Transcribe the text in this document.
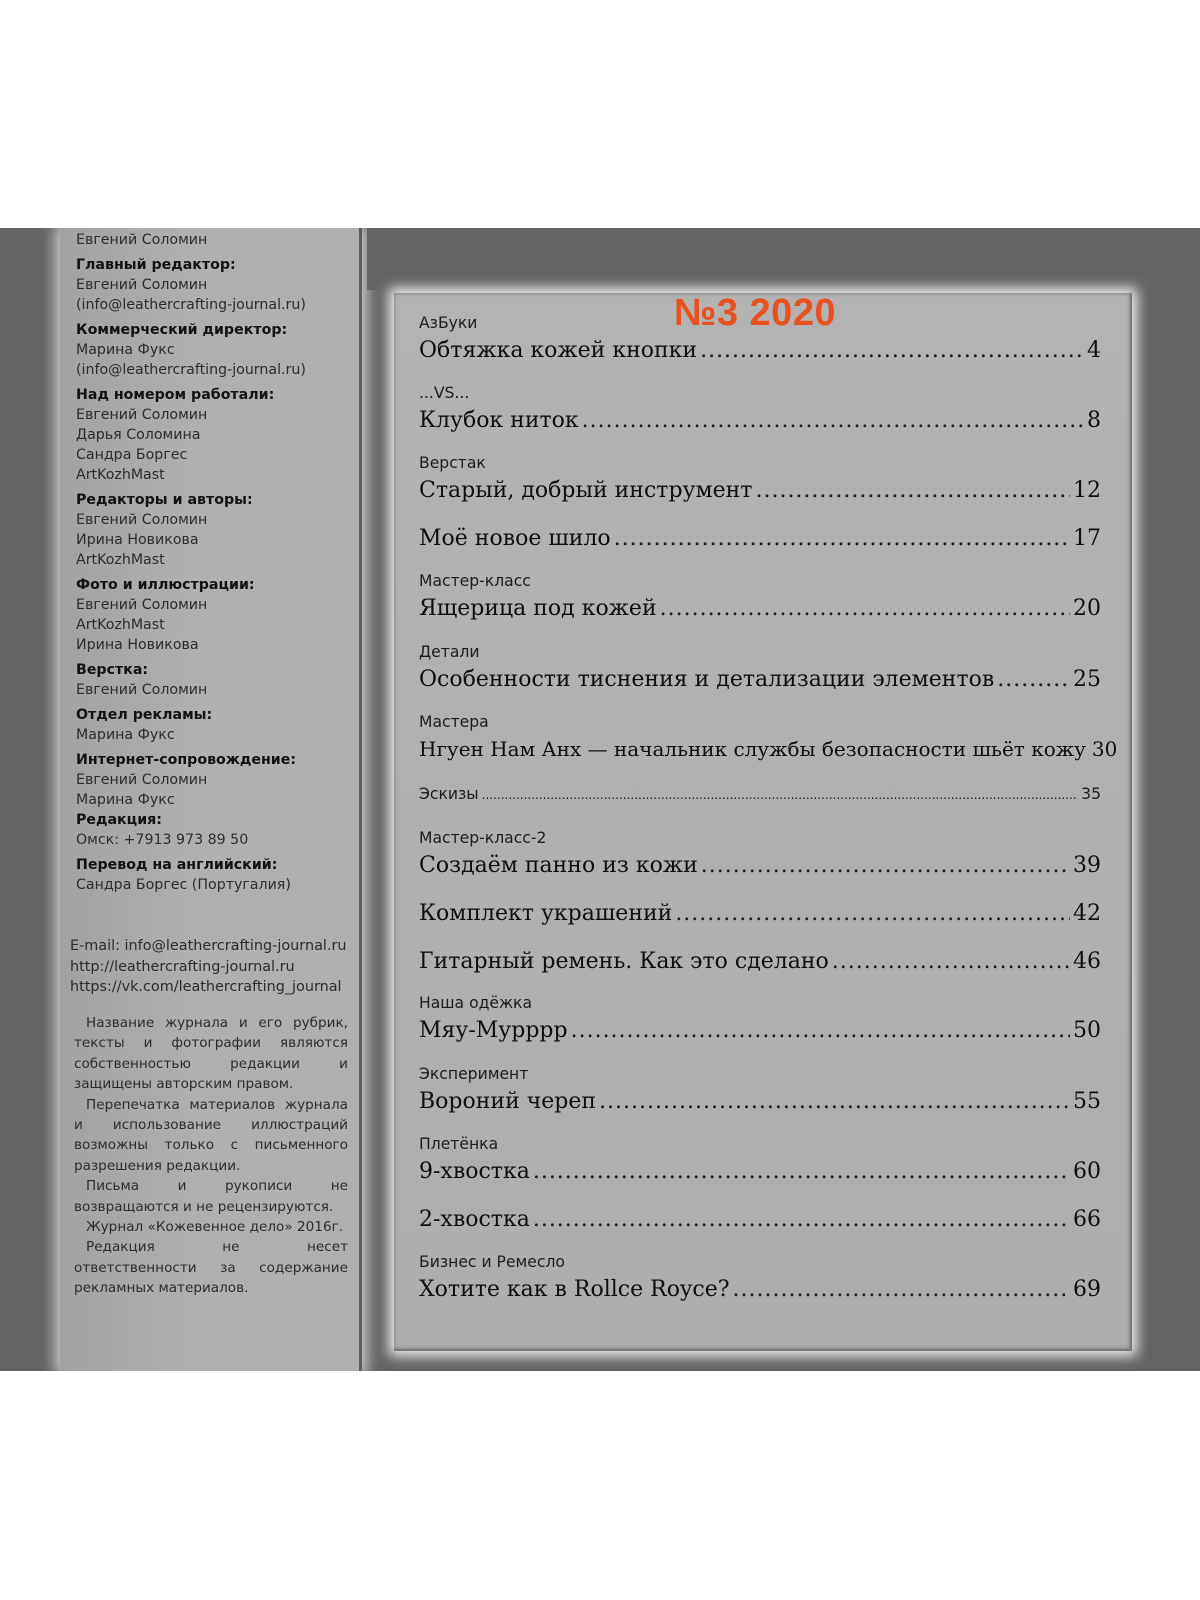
Евгений Соломин
Главный редактор:
Евгений Соломин
(info@leathercrafting-journal.ru)
Коммерческий директор:
Марина Фукс
(info@leathercrafting-journal.ru)
Над номером работали:
Евгений Соломин
Дарья Соломина
Сандра Боргес
ArtKozhMast
Редакторы и авторы:
Евгений Соломин
Ирина Новикова
ArtKozhMast
Фото и иллюстрации:
Евгений Соломин
ArtKozhMast
Ирина Новикова
Верстка:
Евгений Соломин
Отдел рекламы:
Марина Фукс
Интернет-сопровождение:
Евгений Соломин
Марина Фукс
Редакция:
Омск: +7913 973 89 50
Перевод на английский:
Сандра Боргес (Португалия)
E-mail: info@leathercrafting-journal.ru
http://leathercrafting-journal.ru
https://vk.com/leathercrafting_journal

Название журнала и его рубрик, тексты и фотографии являются собственностью редакции и защищены авторским правом.

Перепечатка материалов журнала и использование иллюстраций возможны только с письменного разрешения редакции.

Письма и рукописи не возвращаются и не рецензируются.

Журнал «Кожевенное дело» 2016г.

Редакция не несет ответственности за содержание рекламных материалов.

№3 2020
АзБуки
Обтяжка кожей кнопки .....	4
...VS...
Клубок ниток .....	8
Верстак
Старый, добрый инструмент .....	12
Моё новое шило .....	17
Мастер-класс
Ящерица под кожей .....	20
Детали
Особенности тиснения и детализации элементов .....	25
Мастера
Нгуен Нам Анх — начальник службы безопасности шьёт кожу 30
Эскизы .....	35
Мастер-класс-2
Создаём панно из кожи .....	39
Комплект украшений .....	42
Гитарный ремень. Как это сделано .....	46
Наша одёжка
Мяу-Мурррр .....	50
Эксперимент
Вороний череп .....	55
Плетёнка
9-хвостка .....	60
2-хвостка .....	66
Бизнес и Ремесло
Хотите как в Rollce Royce? .....	69
